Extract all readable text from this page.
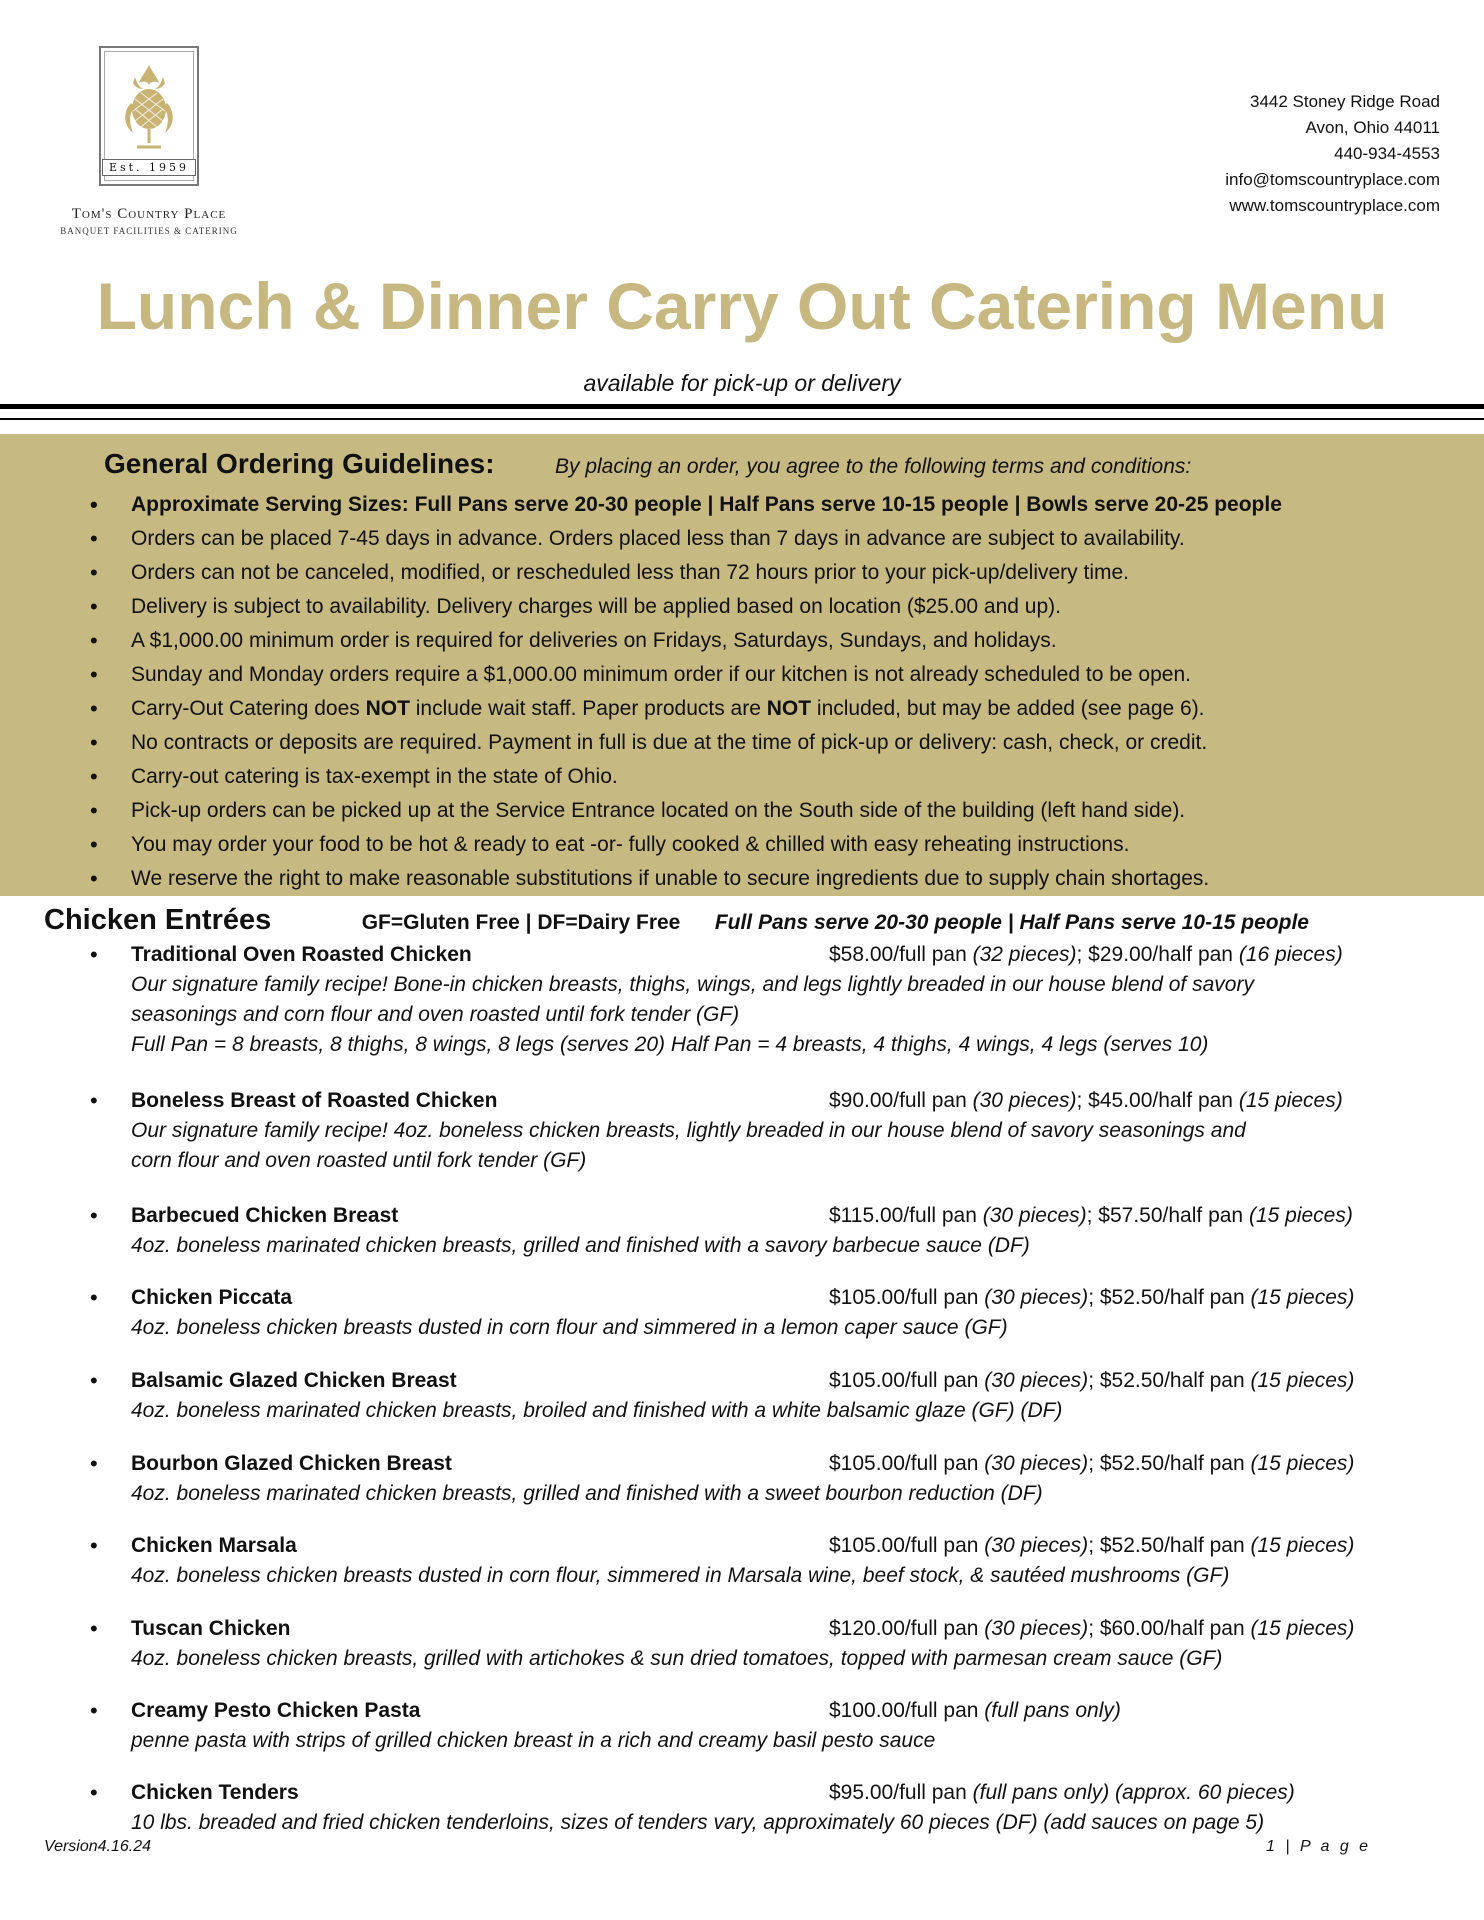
Est. 1959
Tom's Country Place
BANQUET FACILITIES & CATERING
3442 Stoney Ridge Road
Avon, Ohio 44011
440-934-4553
info@tomscountryplace.com
www.tomscountryplace.com
Lunch & Dinner Carry Out Catering Menu
available for pick-up or delivery
General Ordering Guidelines:	By placing an order, you agree to the following terms and conditions:
• Approximate Serving Sizes: Full Pans serve 20-30 people | Half Pans serve 10-15 people | Bowls serve 20-25 people
• Orders can be placed 7-45 days in advance. Orders placed less than 7 days in advance are subject to availability.
• Orders can not be canceled, modified, or rescheduled less than 72 hours prior to your pick-up/delivery time.
• Delivery is subject to availability. Delivery charges will be applied based on location ($25.00 and up).
• A $1,000.00 minimum order is required for deliveries on Fridays, Saturdays, Sundays, and holidays.
• Sunday and Monday orders require a $1,000.00 minimum order if our kitchen is not already scheduled to be open.
• Carry-Out Catering does NOT include wait staff. Paper products are NOT included, but may be added (see page 6).
• No contracts or deposits are required. Payment in full is due at the time of pick-up or delivery: cash, check, or credit.
• Carry-out catering is tax-exempt in the state of Ohio.
• Pick-up orders can be picked up at the Service Entrance located on the South side of the building (left hand side).
• You may order your food to be hot & ready to eat -or- fully cooked & chilled with easy reheating instructions.
• We reserve the right to make reasonable substitutions if unable to secure ingredients due to supply chain shortages.
Chicken Entrées	GF=Gluten Free | DF=Dairy Free Full Pans serve 20-30 people | Half Pans serve 10-15 people
• Traditional Oven Roasted Chicken	$58.00/full pan (32 pieces); $29.00/half pan (16 pieces)
Our signature family recipe! Bone-in chicken breasts, thighs, wings, and legs lightly breaded in our house blend of savory
seasonings and corn flour and oven roasted until fork tender (GF)
Full Pan = 8 breasts, 8 thighs, 8 wings, 8 legs (serves 20) Half Pan = 4 breasts, 4 thighs, 4 wings, 4 legs (serves 10)
• Boneless Breast of Roasted Chicken	$90.00/full pan (30 pieces); $45.00/half pan (15 pieces)
Our signature family recipe! 4oz. boneless chicken breasts, lightly breaded in our house blend of savory seasonings and
corn flour and oven roasted until fork tender (GF)
• Barbecued Chicken Breast	$115.00/full pan (30 pieces); $57.50/half pan (15 pieces)
4oz. boneless marinated chicken breasts, grilled and finished with a savory barbecue sauce (DF)
• Chicken Piccata	$105.00/full pan (30 pieces); $52.50/half pan (15 pieces)
4oz. boneless chicken breasts dusted in corn flour and simmered in a lemon caper sauce (GF)
• Balsamic Glazed Chicken Breast	$105.00/full pan (30 pieces); $52.50/half pan (15 pieces)
4oz. boneless marinated chicken breasts, broiled and finished with a white balsamic glaze (GF) (DF)
• Bourbon Glazed Chicken Breast	$105.00/full pan (30 pieces); $52.50/half pan (15 pieces)
4oz. boneless marinated chicken breasts, grilled and finished with a sweet bourbon reduction (DF)
• Chicken Marsala	$105.00/full pan (30 pieces); $52.50/half pan (15 pieces)
4oz. boneless chicken breasts dusted in corn flour, simmered in Marsala wine, beef stock, & sautéed mushrooms (GF)
• Tuscan Chicken	$120.00/full pan (30 pieces); $60.00/half pan (15 pieces)
4oz. boneless chicken breasts, grilled with artichokes & sun dried tomatoes, topped with parmesan cream sauce (GF)
• Creamy Pesto Chicken Pasta	$100.00/full pan (full pans only)
penne pasta with strips of grilled chicken breast in a rich and creamy basil pesto sauce
• Chicken Tenders	$95.00/full pan (full pans only) (approx. 60 pieces)
10 lbs. breaded and fried chicken tenderloins, sizes of tenders vary, approximately 60 pieces (DF) (add sauces on page 5)
Version4.16.24	1 | P a g e
